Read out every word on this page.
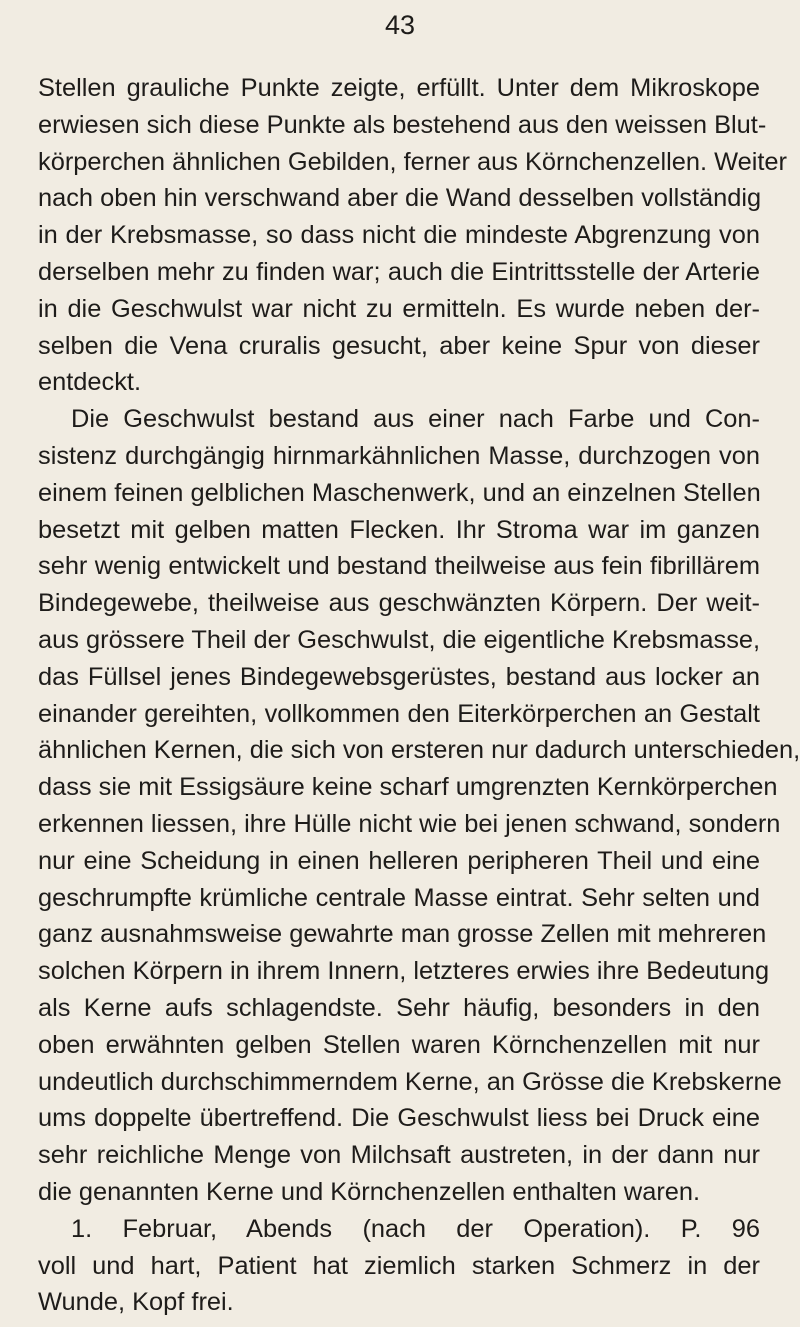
43
Stellen grauliche Punkte zeigte, erfüllt. Unter dem Mikroskope
erwiesen sich diese Punkte als bestehend aus den weissen Blut-
körperchen ähnlichen Gebilden, ferner aus Körnchenzellen. Weiter
nach oben hin verschwand aber die Wand desselben vollständig
in der Krebsmasse, so dass nicht die mindeste Abgrenzung von
derselben mehr zu finden war; auch die Eintrittsstelle der Arterie
in die Geschwulst war nicht zu ermitteln. Es wurde neben der-
selben die Vena cruralis gesucht, aber keine Spur von dieser
entdeckt.
Die Geschwulst bestand aus einer nach Farbe und Con-
sistenz durchgängig hirnmarkähnlichen Masse, durchzogen von
einem feinen gelblichen Maschenwerk, und an einzelnen Stellen
besetzt mit gelben matten Flecken. Ihr Stroma war im ganzen
sehr wenig entwickelt und bestand theilweise aus fein fibrillärem
Bindegewebe, theilweise aus geschwänzten Körpern. Der weit-
aus grössere Theil der Geschwulst, die eigentliche Krebsmasse,
das Füllsel jenes Bindegewebsgerüstes, bestand aus locker an
einander gereihten, vollkommen den Eiterkörperchen an Gestalt
ähnlichen Kernen, die sich von ersteren nur dadurch unterschieden,
dass sie mit Essigsäure keine scharf umgrenzten Kernkörperchen
erkennen liessen, ihre Hülle nicht wie bei jenen schwand, sondern
nur eine Scheidung in einen helleren peripheren Theil und eine
geschrumpfte krümliche centrale Masse eintrat. Sehr selten und
ganz ausnahmsweise gewahrte man grosse Zellen mit mehreren
solchen Körpern in ihrem Innern, letzteres erwies ihre Bedeutung
als Kerne aufs schlagendste. Sehr häufig, besonders in den
oben erwähnten gelben Stellen waren Körnchenzellen mit nur
undeutlich durchschimmerndem Kerne, an Grösse die Krebskerne
ums doppelte übertreffend. Die Geschwulst liess bei Druck eine
sehr reichliche Menge von Milchsaft austreten, in der dann nur
die genannten Kerne und Körnchenzellen enthalten waren.
1. Februar, Abends (nach der Operation). P. 96
voll und hart, Patient hat ziemlich starken Schmerz in der
Wunde, Kopf frei.
